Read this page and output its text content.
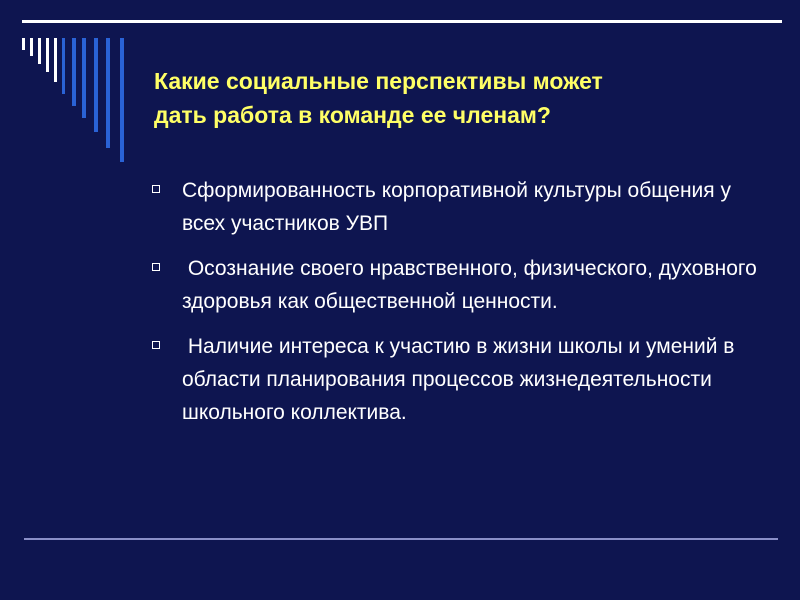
Какие социальные перспективы может
дать работа в команде ее членам?
Сформированность корпоративной культуры общения у всех участников УВП
Осознание своего нравственного, физического, духовного здоровья как общественной ценности.
Наличие интереса к участию в жизни школы и умений в области планирования процессов жизнедеятельности школьного коллектива.
